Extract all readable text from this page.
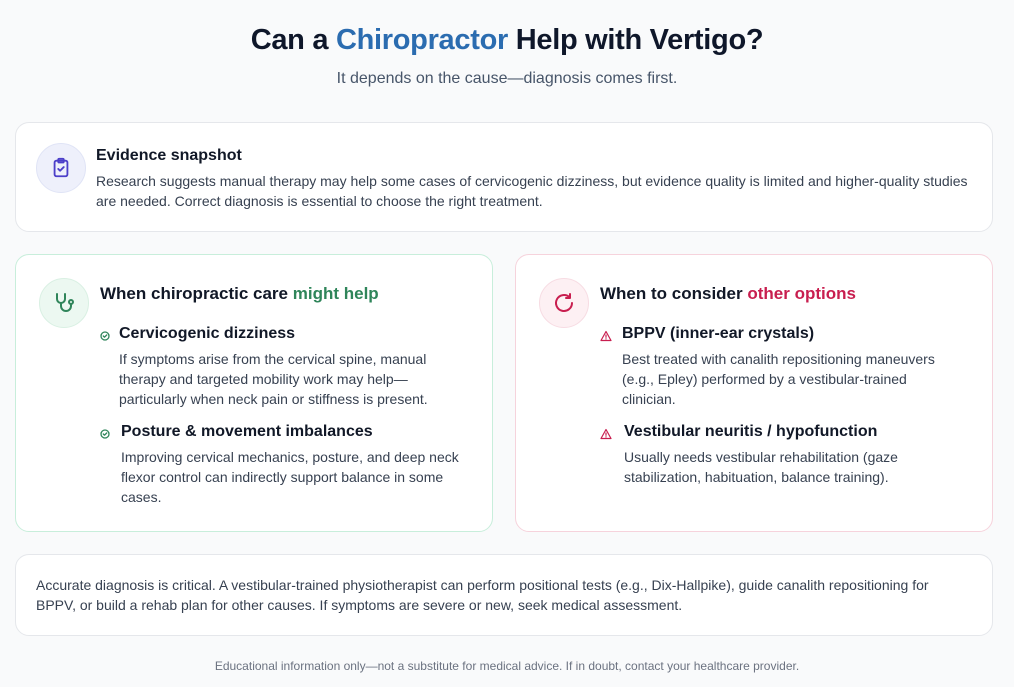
Can a Chiropractor Help with Vertigo?
It depends on the cause—diagnosis comes first.
Evidence snapshot
Research suggests manual therapy may help some cases of cervicogenic dizziness, but evidence quality is limited and higher-quality studies are needed. Correct diagnosis is essential to choose the right treatment.
When chiropractic care might help
Cervicogenic dizziness
If symptoms arise from the cervical spine, manual therapy and targeted mobility work may help—particularly when neck pain or stiffness is present.
Posture & movement imbalances
Improving cervical mechanics, posture, and deep neck flexor control can indirectly support balance in some cases.
When to consider other options
BPPV (inner-ear crystals)
Best treated with canalith repositioning maneuvers (e.g., Epley) performed by a vestibular-trained clinician.
Vestibular neuritis / hypofunction
Usually needs vestibular rehabilitation (gaze stabilization, habituation, balance training).
Accurate diagnosis is critical. A vestibular-trained physiotherapist can perform positional tests (e.g., Dix-Hallpike), guide canalith repositioning for BPPV, or build a rehab plan for other causes. If symptoms are severe or new, seek medical assessment.
Educational information only—not a substitute for medical advice. If in doubt, contact your healthcare provider.
